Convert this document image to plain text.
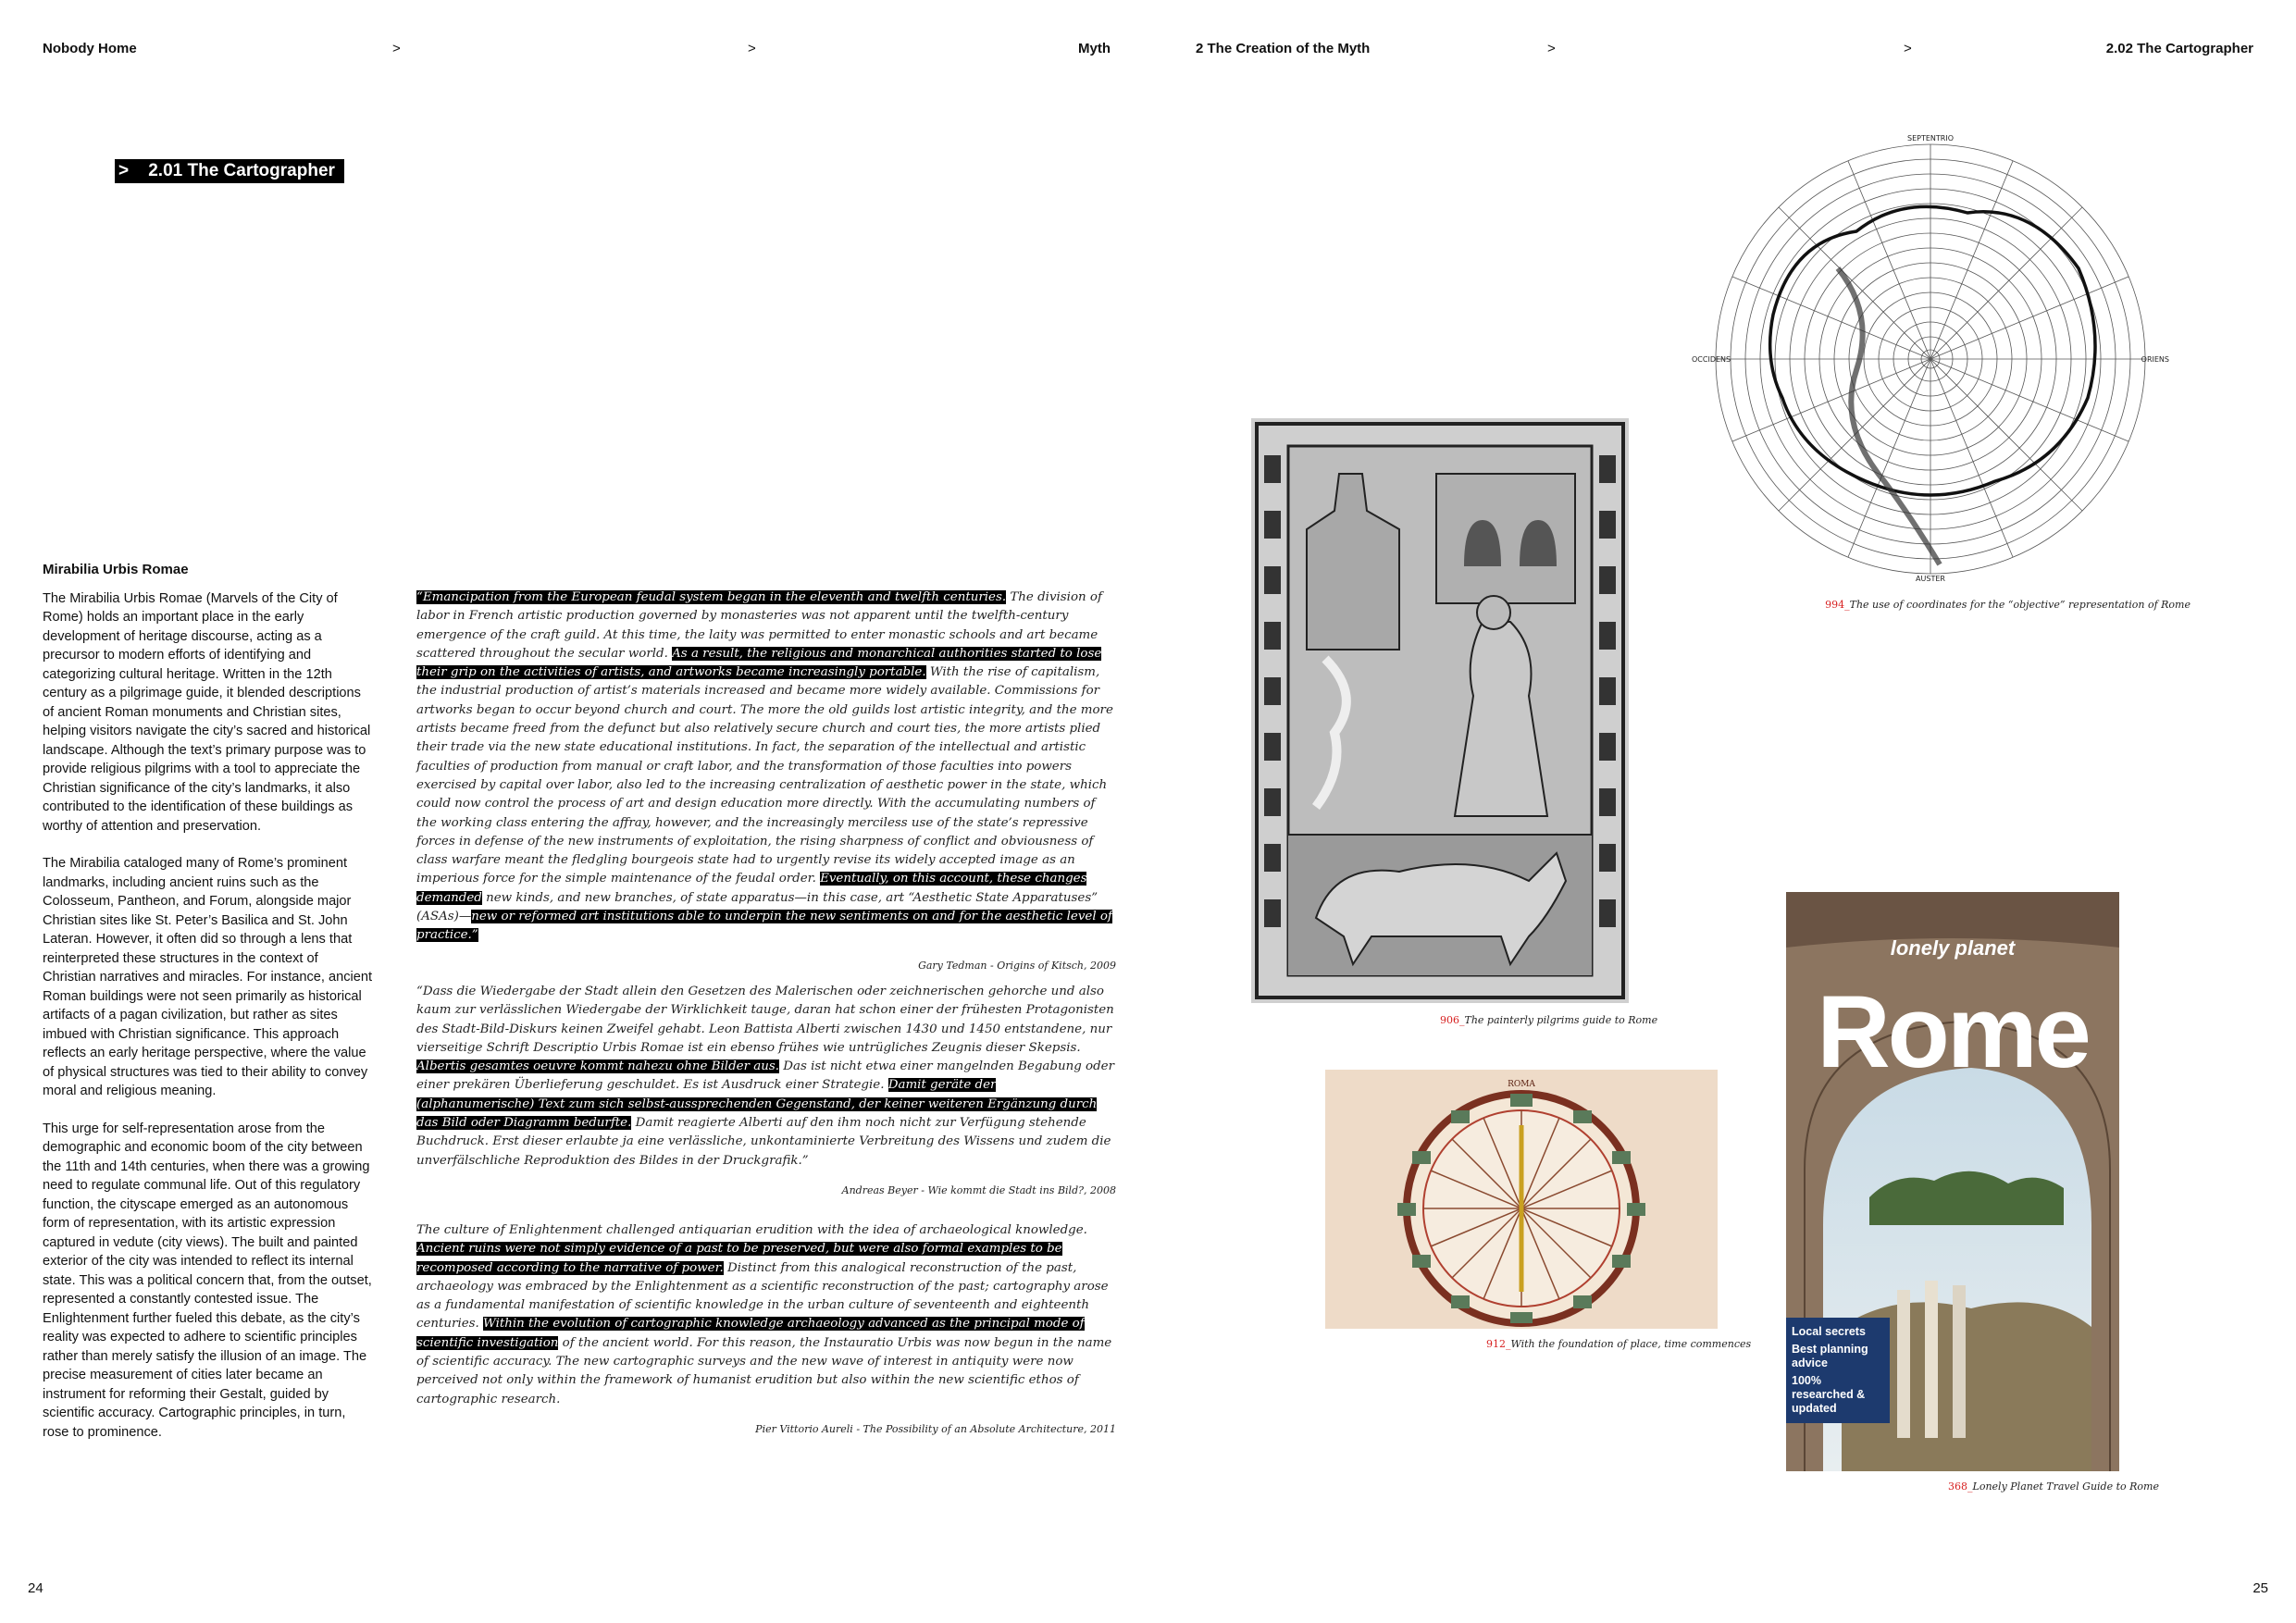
Nobody Home	>	>	Myth	2 The Creation of the Myth	>	>	2.02 The Cartographer
> 2.01 The Cartographer
Mirabilia Urbis Romae

The Mirabilia Urbis Romae (Marvels of the City of Rome) holds an important place in the early development of heritage discourse, acting as a precursor to modern efforts of identifying and categorizing cultural heritage. Written in the 12th century as a pilgrimage guide, it blended descriptions of ancient Roman monuments and Christian sites, helping visitors navigate the city’s sacred and historical landscape. Although the text’s primary purpose was to provide religious pilgrims with a tool to appreciate the Christian significance of the city’s landmarks, it also contributed to the identification of these buildings as worthy of attention and preservation.

The Mirabilia cataloged many of Rome’s prominent landmarks, including ancient ruins such as the Colosseum, Pantheon, and Forum, alongside major Christian sites like St. Peter’s Basilica and St. John Lateran. However, it often did so through a lens that reinterpreted these structures in the context of Christian narratives and miracles. For instance, ancient Roman buildings were not seen primarily as historical artifacts of a pagan civilization, but rather as sites imbued with Christian significance. This approach reflects an early heritage perspective, where the value of physical structures was tied to their ability to convey moral and religious meaning.

This urge for self-representation arose from the demographic and economic boom of the city between the 11th and 14th centuries, when there was a growing need to regulate communal life. Out of this regulatory function, the cityscape emerged as an autonomous form of representation, with its artistic expression captured in vedute (city views). The built and painted exterior of the city was intended to reflect its internal state. This was a political concern that, from the outset, represented a constantly contested issue. The Enlightenment further fueled this debate, as the city’s reality was expected to adhere to scientific principles rather than merely satisfy the illusion of an image. The precise measurement of cities later became an instrument for reforming their Gestalt, guided by scientific accuracy. Cartographic principles, in turn, rose to prominence.

“Emancipation from the European feudal system began in the eleventh and twelfth centuries. The division of labor in French artistic production governed by monasteries was not apparent until the twelfth-century emergence of the craft guild. At this time, the laity was permitted to enter monastic schools and art became scattered throughout the secular world. As a result, the religious and monarchical authorities started to lose their grip on the activities of artists, and artworks became increasingly portable. With the rise of capitalism, the industrial production of artist’s materials increased and became more widely available. Commissions for artworks began to occur beyond church and court. The more the old guilds lost artistic integrity, and the more artists became freed from the defunct but also relatively secure church and court ties, the more artists plied their trade via the new state educational institutions. In fact, the separation of the intellectual and artistic faculties of production from manual or craft labor, and the transformation of those faculties into powers exercised by capital over labor, also led to the increasing centralization of aesthetic power in the state, which could now control the process of art and design education more directly. With the accumulating numbers of the working class entering the affray, however, and the increasingly merciless use of the state’s repressive forces in defense of the new instruments of exploitation, the rising sharpness of conflict and obviousness of class warfare meant the fledgling bourgeois state had to urgently revise its widely accepted image as an imperious force for the simple maintenance of the feudal order. Eventually, on this account, these changes demanded new kinds, and new branches, of state apparatus—in this case, art “Aesthetic State Apparatuses” (ASAs)—new or reformed art institutions able to underpin the new sentiments on and for the aesthetic level of practice.”
Gary Tedman - Origins of Kitsch, 2009
“Dass die Wiedergabe der Stadt allein den Gesetzen des Malerischen oder zeichnerischen gehorche und also kaum zur verlässlichen Wiedergabe der Wirklichkeit tauge, daran hat schon einer der frühesten Protagonisten des Stadt-Bild-Diskurs keinen Zweifel gehabt. Leon Battista Alberti zwischen 1430 und 1450 entstandene, nur vierseitige Schrift Descriptio Urbis Romae ist ein ebenso frühes wie untrügliches Zeugnis dieser Skepsis. Albertis gesamtes oeuvre kommt nahezu ohne Bilder aus. Das ist nicht etwa einer mangelnden Begabung oder einer prekären Überlieferung geschuldet. Es ist Ausdruck einer Strategie. Damit geräte der (alphanumerische) Text zum sich selbst-aussprechenden Gegenstand, der keiner weiteren Ergänzung durch das Bild oder Diagramm bedurfte. Damit reagierte Alberti auf den ihm noch nicht zur Verfügung stehende Buchdruck. Erst dieser erlaubte ja eine verlässliche, unkontaminierte Verbreitung des Wissens und zudem die unverfälschliche Reproduktion des Bildes in der Druckgrafik.”
Andreas Beyer - Wie kommt die Stadt ins Bild?, 2008
The culture of Enlightenment challenged antiquarian erudition with the idea of archaeological knowledge. Ancient ruins were not simply evidence of a past to be preserved, but were also formal examples to be recomposed according to the narrative of power. Distinct from this analogical reconstruction of the past, archaeology was embraced by the Enlightenment as a scientific reconstruction of the past; cartography arose as a fundamental manifestation of scientific knowledge in the urban culture of seventeenth and eighteenth centuries. Within the evolution of cartographic knowledge archaeology advanced as the principal mode of scientific investigation of the ancient world. For this reason, the Instauratio Urbis was now begun in the name of scientific accuracy. The new cartographic surveys and the new wave of interest in antiquity were now perceived not only within the framework of humanist erudition but also within the new scientific ethos of cartographic research.
Pier Vittorio Aureli - The Possibility of an Absolute Architecture, 2011
906_The painterly pilgrims guide to Rome
SEPTENTRIO
AUSTER
OCCIDENS	ORIENS
994_The use of coordinates for the “objective” representation of Rome
ROMA
912_With the foundation of place, time commences
lonely planet
Rome
Local secrets
Best planning advice
100% researched & updated
368_Lonely Planet Travel Guide to Rome
24	25
